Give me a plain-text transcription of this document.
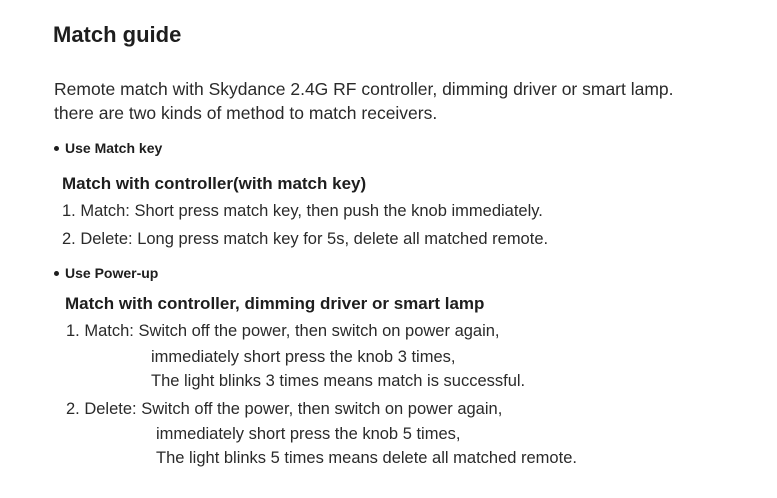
Match guide
Remote match with Skydance 2.4G RF controller, dimming driver or smart lamp.
there are two kinds of method to match receivers.
Use Match key
Match with controller(with match key)
1. Match: Short press match key, then push the knob immediately.
2. Delete: Long press match key for 5s, delete all matched remote.
Use Power-up
Match with controller, dimming driver or smart lamp
1. Match: Switch off the power, then switch on power again,
immediately short press the knob 3 times,
The light blinks 3 times means match is successful.
2. Delete: Switch off the power, then switch on power again,
immediately short press the knob 5 times,
The light blinks 5 times means delete all matched remote.
